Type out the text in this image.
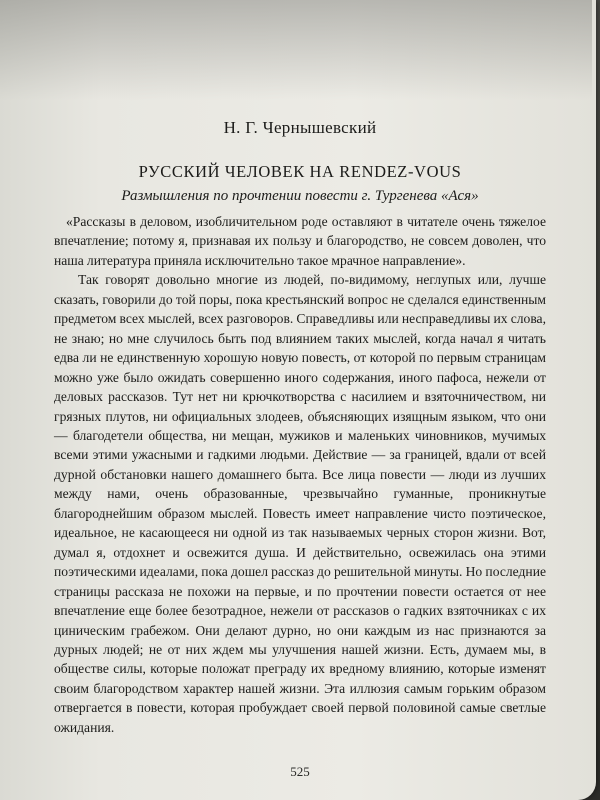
Н. Г. Чернышевский

РУССКИЙ ЧЕЛОВЕК НА RENDEZ-VOUS

Размышления по прочтении повести г. Тургенева «Ася»

«Рассказы в деловом, изобличительном роде оставляют в читателе очень тяжелое впечатление; потому я, признавая их пользу и благородство, не совсем доволен, что наша литература приняла исключительно такое мрачное направление».

Так говорят довольно многие из людей, по-видимому, неглупых или, лучше сказать, говорили до той поры, пока крестьянский вопрос не сделался единственным предметом всех мыслей, всех разговоров. Справедливы или несправедливы их слова, не знаю; но мне случилось быть под влиянием таких мыслей, когда начал я читать едва ли не единственную хорошую новую повесть, от которой по первым страницам можно уже было ожидать совершенно иного содержания, иного пафоса, нежели от деловых рассказов. Тут нет ни крючкотворства с насилием и взяточничеством, ни грязных плутов, ни официальных злодеев, объясняющих изящным языком, что они — благодетели общества, ни мещан, мужиков и маленьких чиновников, мучимых всеми этими ужасными и гадкими людьми. Действие — за границей, вдали от всей дурной обстановки нашего домашнего быта. Все лица повести — люди из лучших между нами, очень образованные, чрезвычайно гуманные, проникнутые благороднейшим образом мыслей. Повесть имеет направление чисто поэтическое, идеальное, не касающееся ни одной из так называемых черных сторон жизни. Вот, думал я, отдохнет и освежится душа. И действительно, освежилась она этими поэтическими идеалами, пока дошел рассказ до решительной минуты. Но последние страницы рассказа не похожи на первые, и по прочтении повести остается от нее впечатление еще более безотрадное, нежели от рассказов о гадких взяточниках с их циническим грабежом. Они делают дурно, но они каждым из нас признаются за дурных людей; не от них ждем мы улучшения нашей жизни. Есть, думаем мы, в обществе силы, которые положат преграду их вредному влиянию, которые изменят своим благородством характер нашей жизни. Эта иллюзия самым горьким образом отвергается в повести, которая пробуждает своей первой половиной самые светлые ожидания.

525
